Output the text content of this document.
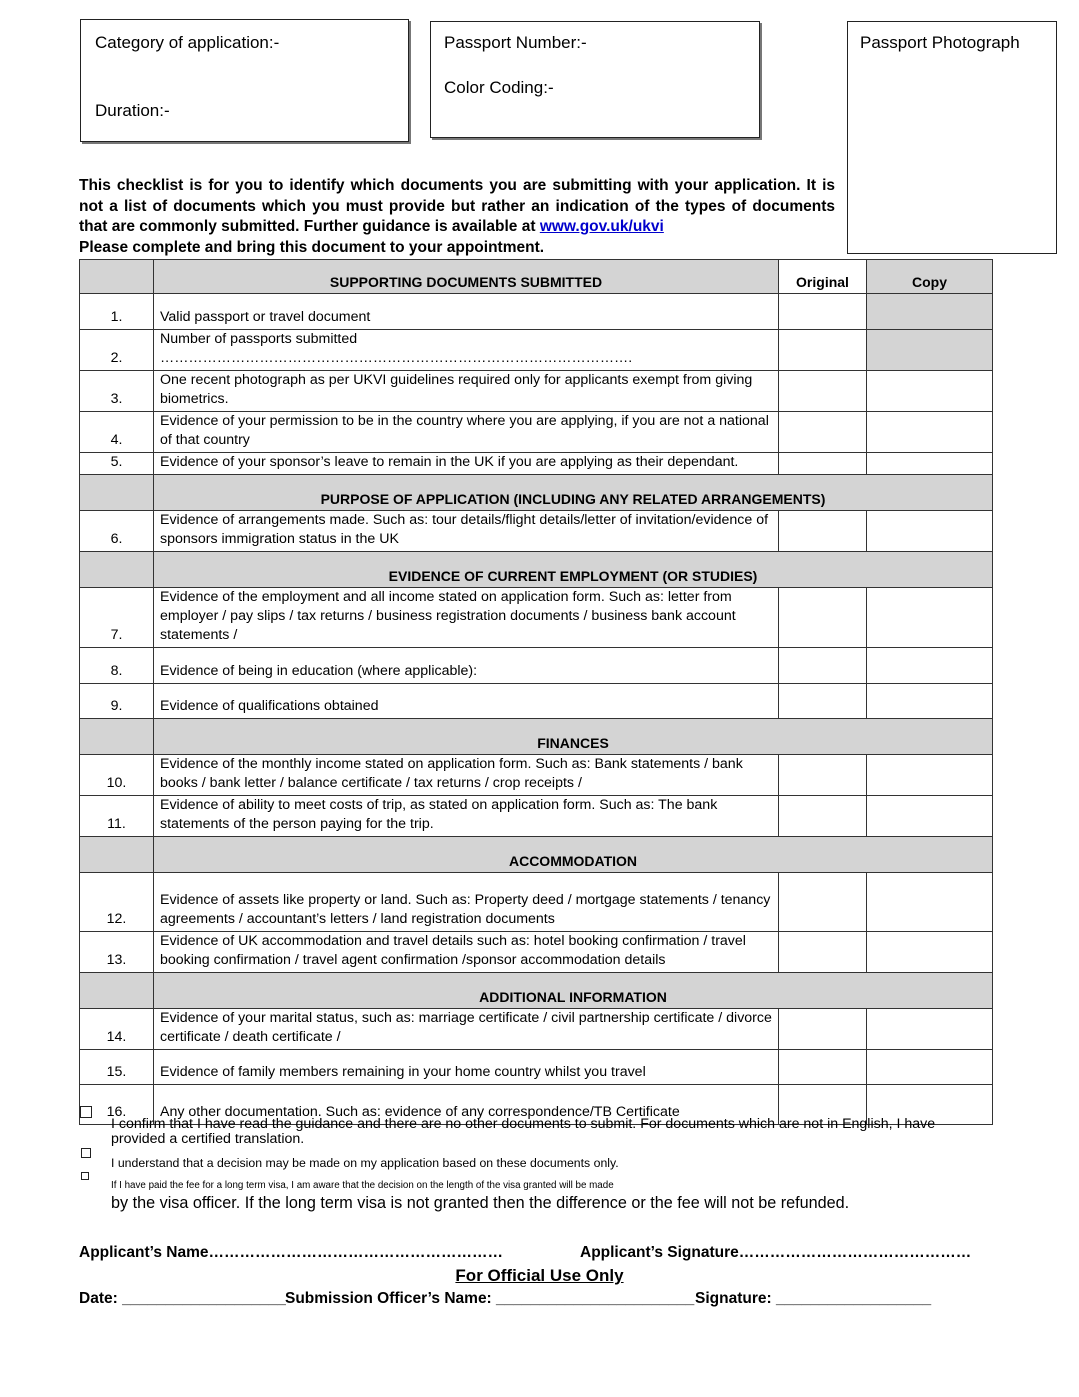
Category of application:-
Duration:-
Passport Number:-
Color Coding:-
Passport Photograph
This checklist is for you to identify which documents you are submitting with your application. It is not a list of documents which you must provide but rather an indication of the types of documents that are commonly submitted. Further guidance is available at www.gov.uk/ukvi
Please complete and bring this document to your appointment.
	SUPPORTING DOCUMENTS SUBMITTED	Original	Copy
1.	Valid passport or travel document		
2.	Number of passports submitted ……………………………………………………………………………………….		
3.	One recent photograph as per UKVI guidelines required only for applicants exempt from giving biometrics.		
4.	Evidence of your permission to be in the country where you are applying, if you are not a national of that country		
5.	Evidence of your sponsor’s leave to remain in the UK if you are applying as their dependant.		
	PURPOSE OF APPLICATION (INCLUDING ANY RELATED ARRANGEMENTS)		
6.	Evidence of arrangements made. Such as: tour details/flight details/letter of invitation/evidence of sponsors immigration status in the UK		
	EVIDENCE OF CURRENT EMPLOYMENT (OR STUDIES)		
7.	Evidence of the employment and all income stated on application form. Such as: letter from employer / pay slips / tax returns / business registration documents / business bank account statements /		
8.	Evidence of being in education (where applicable):		
9.	Evidence of qualifications obtained		
	FINANCES		
10.	Evidence of the monthly income stated on application form. Such as: Bank statements / bank books / bank letter / balance certificate / tax returns / crop receipts /		
11.	Evidence of ability to meet costs of trip, as stated on application form. Such as: The bank statements of the person paying for the trip.		
	ACCOMMODATION		
12.	Evidence of assets like property or land. Such as: Property deed / mortgage statements / tenancy agreements / accountant’s letters / land registration documents		
13.	Evidence of UK accommodation and travel details such as: hotel booking confirmation / travel booking confirmation / travel agent confirmation /sponsor accommodation details		
	ADDITIONAL INFORMATION		
14.	Evidence of your marital status, such as: marriage certificate / civil partnership certificate / divorce certificate / death certificate /		
15.	Evidence of family members remaining in your home country whilst you travel		
16.	Any other documentation. Such as: evidence of any correspondence/TB Certificate		
I confirm that I have read the guidance and there are no other documents to submit. For documents which are not in English, I have provided a certified translation.
I understand that a decision may be made on my application based on these documents only.
If I have paid the fee for a long term visa, I am aware that the decision on the length of the visa granted will be made
by the visa officer. If the long term visa is not granted then the difference or the fee will not be refunded.
Applicant’s Name…………………………………………………	Applicant’s Signature………………………………………
For Official Use Only
Date: ___________________ Submission Officer’s Name: _______________________ Signature: __________________
